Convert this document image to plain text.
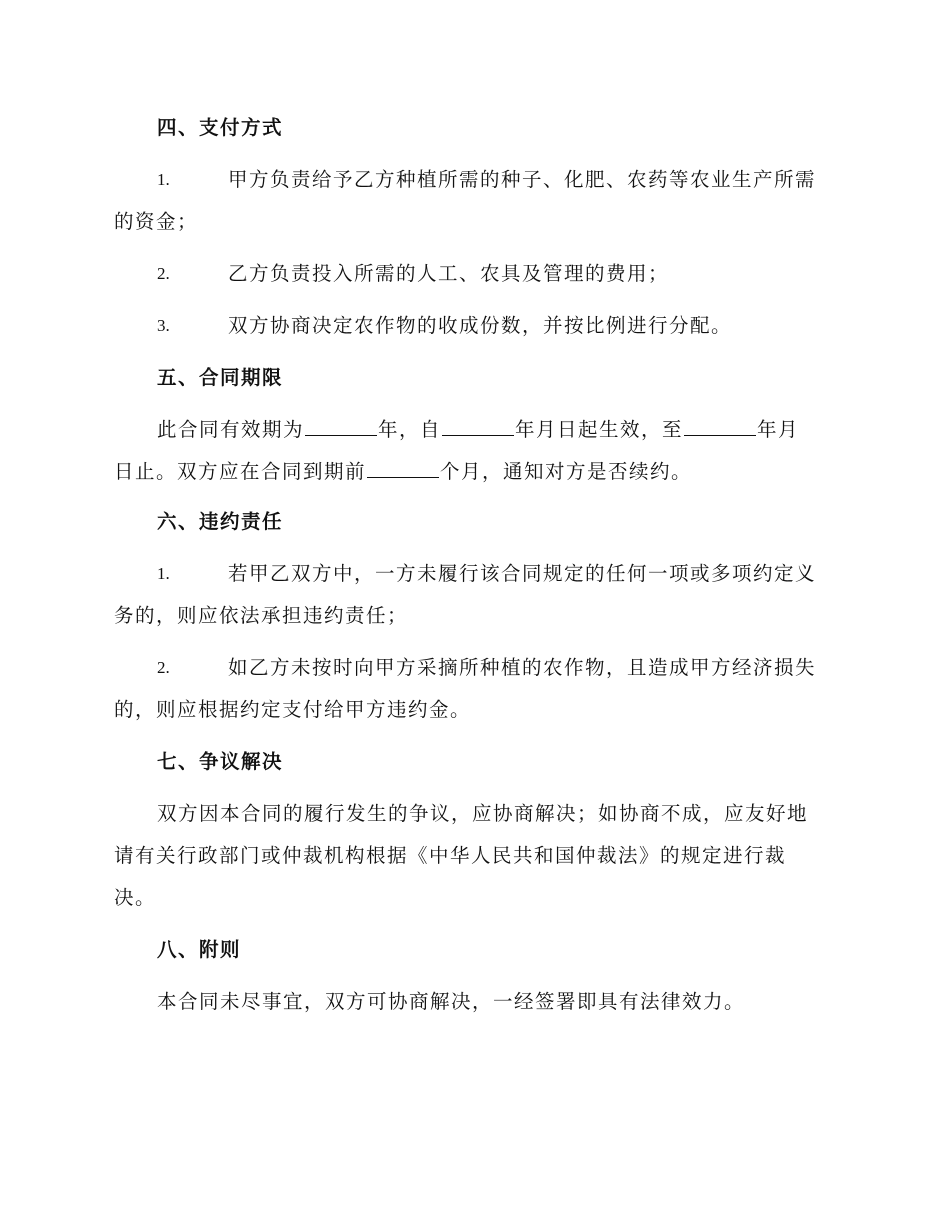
四、支付方式
1.	甲方负责给予乙方种植所需的种子、化肥、农药等农业生产所需
的资金；
2.	乙方负责投入所需的人工、农具及管理的费用；
3.	双方协商决定农作物的收成份数，并按比例进行分配。
五、合同期限
此合同有效期为	年，自	年月日起生效，至	年月
日止。双方应在合同到期前	个月，通知对方是否续约。
六、违约责任
1.	若甲乙双方中，一方未履行该合同规定的任何一项或多项约定义
务的，则应依法承担违约责任；
2.	如乙方未按时向甲方采摘所种植的农作物，且造成甲方经济损失
的，则应根据约定支付给甲方违约金。
七、争议解决
双方因本合同的履行发生的争议，应协商解决；如协商不成，应友好地
请有关行政部门或仲裁机构根据《中华人民共和国仲裁法》的规定进行裁
决。
八、附则
本合同未尽事宜，双方可协商解决，一经签署即具有法律效力。
